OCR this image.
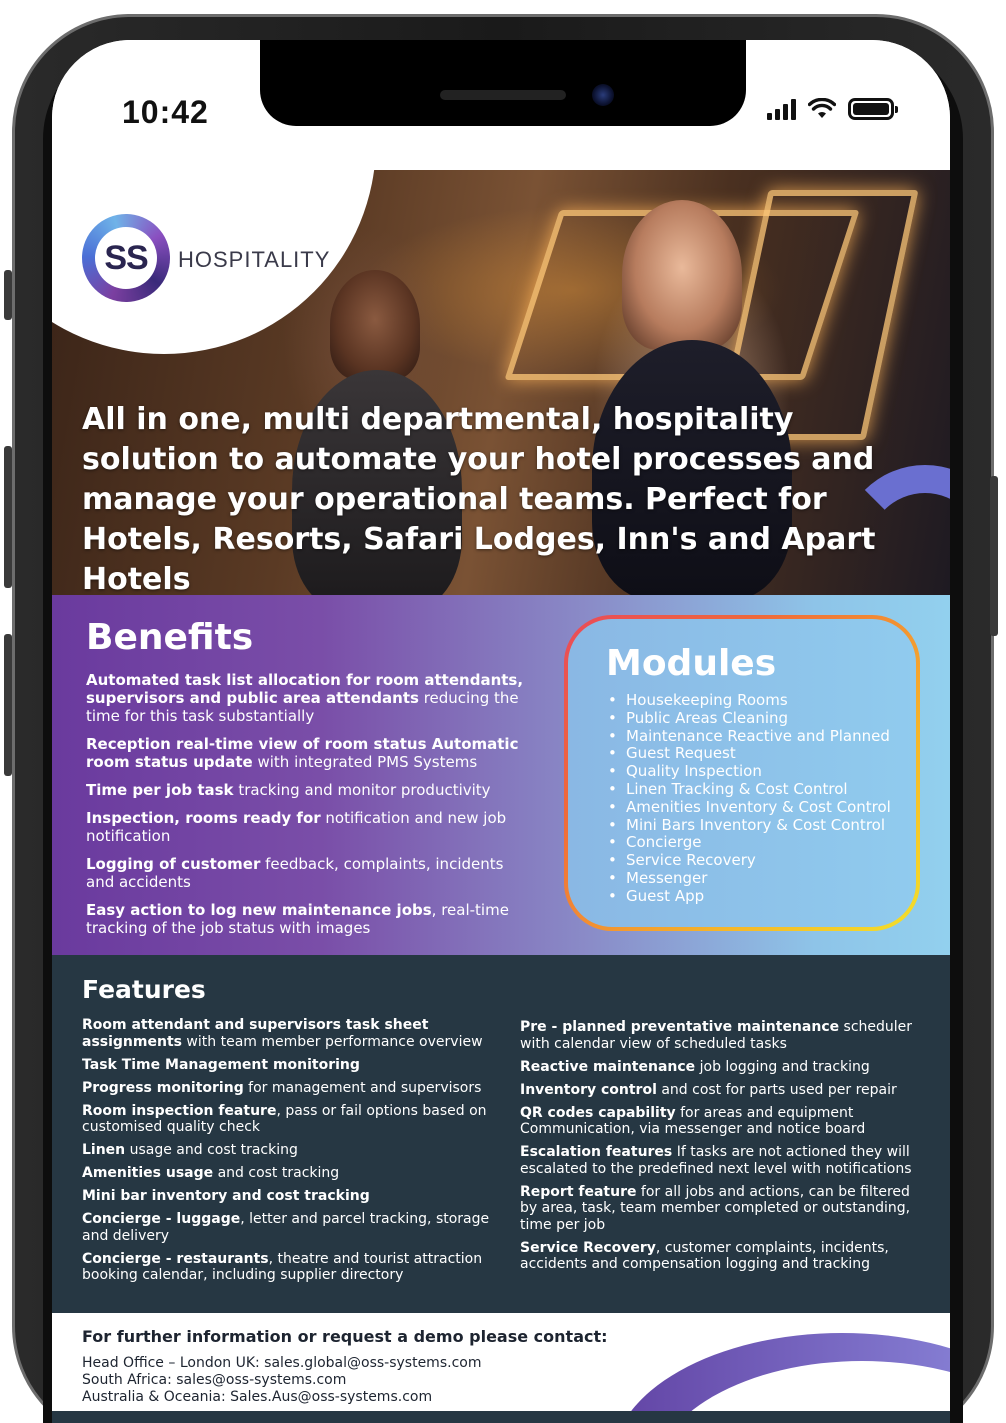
10:42
SS	HOSPITALITY
All in one, multi departmental, hospitality solution to automate your hotel processes and manage your operational teams. Perfect for Hotels, Resorts, Safari Lodges, Inn's and Apart Hotels
Benefits
Automated task list allocation for room attendants, supervisors and public area attendants reducing the time for this task substantially
Reception real-time view of room status Automatic room status update with integrated PMS Systems
Time per job task tracking and monitor productivity
Inspection, rooms ready for notification and new job notification
Logging of customer feedback, complaints, incidents and accidents
Easy action to log new maintenance jobs, real-time tracking of the job status with images
Modules
• Housekeeping Rooms
• Public Areas Cleaning
• Maintenance Reactive and Planned
• Guest Request
• Quality Inspection
• Linen Tracking & Cost Control
• Amenities Inventory & Cost Control
• Mini Bars Inventory & Cost Control
• Concierge
• Service Recovery
• Messenger
• Guest App
Features
Room attendant and supervisors task sheet assignments with team member performance overview
Task Time Management monitoring
Progress monitoring for management and supervisors
Room inspection feature, pass or fail options based on customised quality check
Linen usage and cost tracking
Amenities usage and cost tracking
Mini bar inventory and cost tracking
Concierge - luggage, letter and parcel tracking, storage and delivery
Concierge - restaurants, theatre and tourist attraction booking calendar, including supplier directory
Pre - planned preventative maintenance scheduler with calendar view of scheduled tasks
Reactive maintenance job logging and tracking
Inventory control and cost for parts used per repair
QR codes capability for areas and equipment Communication, via messenger and notice board
Escalation features If tasks are not actioned they will escalated to the predefined next level with notifications
Report feature for all jobs and actions, can be filtered by area, task, team member completed or outstanding, time per job
Service Recovery, customer complaints, incidents, accidents and compensation logging and tracking
For further information or request a demo please contact:
Head Office – London UK: sales.global@oss-systems.com
South Africa: sales@oss-systems.com
Australia & Oceania: Sales.Aus@oss-systems.com
